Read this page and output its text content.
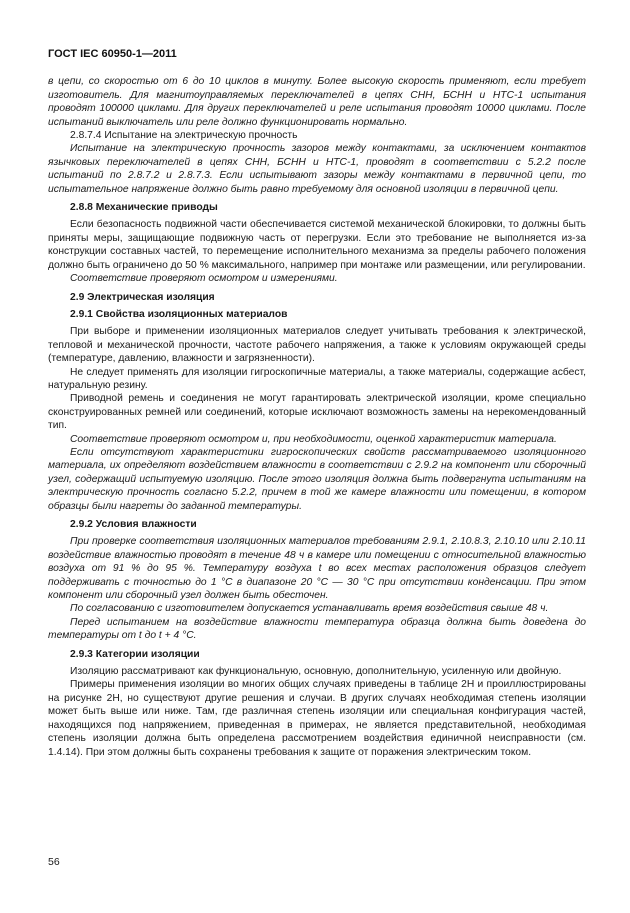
ГОСТ IEC 60950-1—2011

в цепи, со скоростью от 6 до 10 циклов в минуту. Более высокую скорость применяют, если требует изготовитель. Для магнитоуправляемых переключателей в цепях СНН, БСНН и НТС-1 испытания проводят 100000 циклами. Для других переключателей и реле испытания проводят 10000 циклами. После испытаний выключатель или реле должно функционировать нормально.

2.8.7.4 Испытание на электрическую прочность

Испытание на электрическую прочность зазоров между контактами, за исключением контактов язычковых переключателей в цепях СНН, БСНН и НТС-1, проводят в соответствии с 5.2.2 после испытаний по 2.8.7.2 и 2.8.7.3. Если испытывают зазоры между контактами в первичной цепи, то испытательное напряжение должно быть равно требуемому для основной изоляции в первичной цепи.

2.8.8 Механические приводы

Если безопасность подвижной части обеспечивается системой механической блокировки, то должны быть приняты меры, защищающие подвижную часть от перегрузки. Если это требование не выполняется из-за конструкции составных частей, то перемещение исполнительного механизма за пределы рабочего положения должно быть ограничено до 50 % максимального, например при монтаже или размещении, или регулировании.

Соответствие проверяют осмотром и измерениями.

2.9 Электрическая изоляция

2.9.1 Свойства изоляционных материалов

При выборе и применении изоляционных материалов следует учитывать требования к электрической, тепловой и механической прочности, частоте рабочего напряжения, а также к условиям окружающей среды (температуре, давлению, влажности и загрязненности).

Не следует применять для изоляции гигроскопичные материалы, а также материалы, содержащие асбест, натуральную резину.

Приводной ремень и соединения не могут гарантировать электрической изоляции, кроме специально сконструированных ремней или соединений, которые исключают возможность замены на нерекомендованный тип.

Соответствие проверяют осмотром и, при необходимости, оценкой характеристик материала.

Если отсутствуют характеристики гигроскопических свойств рассматриваемого изоляционного материала, их определяют воздействием влажности в соответствии с 2.9.2 на компонент или сборочный узел, содержащий испытуемую изоляцию. После этого изоляция должна быть подвергнута испытаниям на электрическую прочность согласно 5.2.2, причем в той же камере влажности или помещении, в котором образцы были нагреты до заданной температуры.

2.9.2 Условия влажности

При проверке соответствия изоляционных материалов требованиям 2.9.1, 2.10.8.3, 2.10.10 или 2.10.11 воздействие влажностью проводят в течение 48 ч в камере или помещении с относительной влажностью воздуха от 91 % до 95 %. Температуру воздуха t во всех местах расположения образцов следует поддерживать с точностью до 1 °С в диапазоне 20 °С — 30 °С при отсутствии конденсации. При этом компонент или сборочный узел должен быть обесточен.

По согласованию с изготовителем допускается устанавливать время воздействия свыше 48 ч.

Перед испытанием на воздействие влажности температура образца должна быть доведена до температуры от t до t + 4 °С.

2.9.3 Категории изоляции

Изоляцию рассматривают как функциональную, основную, дополнительную, усиленную или двойную.

Примеры применения изоляции во многих общих случаях приведены в таблице 2Н и проиллюстрированы на рисунке 2Н, но существуют другие решения и случаи. В других случаях необходимая степень изоляции может быть выше или ниже. Там, где различная степень изоляции или специальная конфигурация частей, находящихся под напряжением, приведенная в примерах, не является представительной, необходимая степень изоляции должна быть определена рассмотрением воздействия единичной неисправности (см. 1.4.14). При этом должны быть сохранены требования к защите от поражения электрическим током.

56
